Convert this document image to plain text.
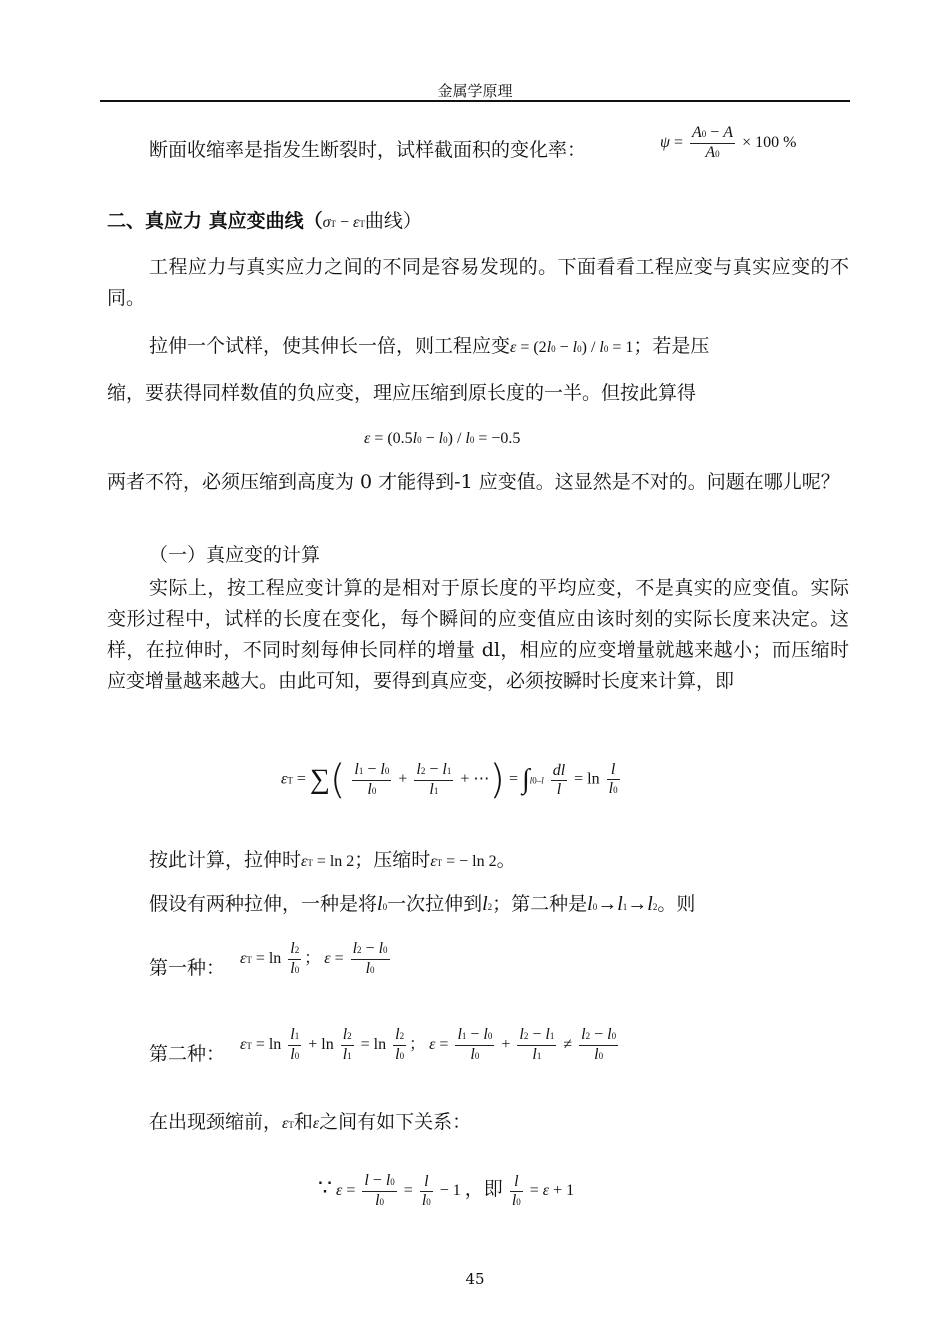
金属学原理
断面收缩率是指发生断裂时，试样截面积的变化率：	$\psi = \frac{A0 - A}{A0} \times 100$ %
二、真应力 真应变曲线（σT − εT曲线）
工程应力与真实应力之间的不同是容易发现的。下面看看工程应变与真实应变的不同。
拉伸一个试样，使其伸长一倍，则工程应变ε = (2l0 − l0) / l0 = 1；若是压
缩，要获得同样数值的负应变，理应压缩到原长度的一半。但按此算得
ε = (0.5l0 − l0) / l0 = −0.5
两者不符，必须压缩到高度为 0 才能得到-1 应变值。这显然是不对的。问题在哪儿呢？
（一）真应变的计算
实际上，按工程应变计算的是相对于原长度的平均应变，不是真实的应变值。实际变形过程中，试样的长度在变化，每个瞬间的应变值应由该时刻的实际长度来决定。这样，在拉伸时，不同时刻每伸长同样的增量 dl，相应的应变增量就越来越小；而压缩时应变增量越来越大。由此可知，要得到真应变，必须按瞬时长度来计算，即
εT = ∑( $\frac{l1 - l0}{l0} + \frac{l2 - l1}{l1}$ + ⋯) = $\int l0-l \frac{dl}{l} = \ln \frac{l}{l0}$
按此计算，拉伸时εT = ln 2；压缩时εT = − ln 2。
假设有两种拉伸，一种是将l0一次拉伸到l2；第二种是l0→l1→l2。则
第一种： $\varepsilon T = \ln \frac{l2}{l0}$ ； $\varepsilon = \frac{l2 - l0}{l0}$
第二种： $\varepsilon T = \ln \frac{l1}{l0} + \ln \frac{l2}{l1} = \ln \frac{l2}{l0}$ ； $\varepsilon = \frac{l1 - l0}{l0} + \frac{l2 - l1}{l1} \ne \frac{l2 - l0}{l0}$
在出现颈缩前，εT和ε之间有如下关系：
∵ $\varepsilon = \frac{l - l0}{l0} = \frac{l}{l0} - 1$ ，即 $\frac{l}{l0} = \varepsilon + 1$
45
